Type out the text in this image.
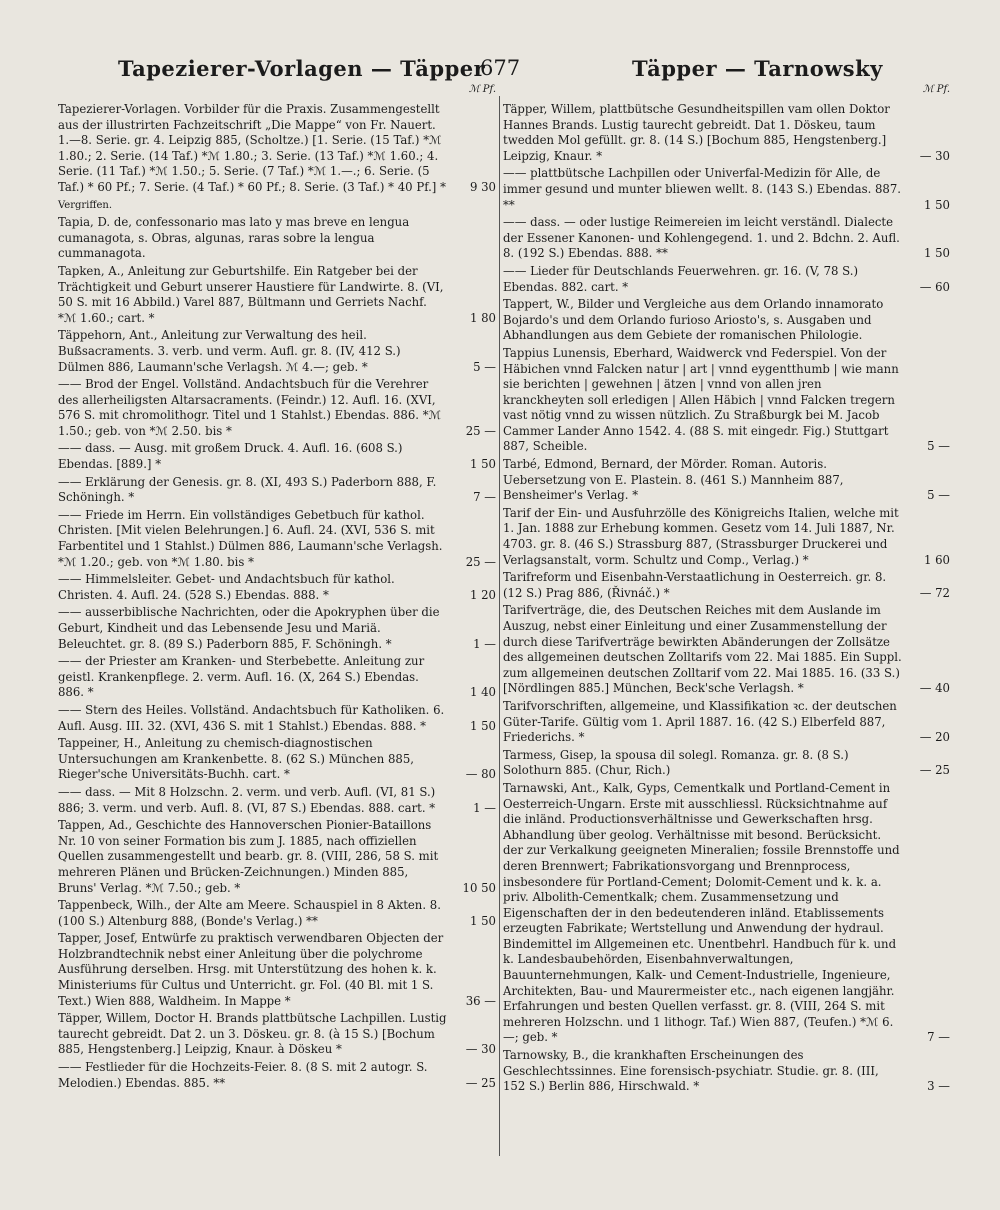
Tapezierer-Vorlagen — Täpper
677	Täpper — Tarnowsky
ℳ Pf.
Tapezierer-Vorlagen. Vorbilder für die Praxis. Zusammengestellt aus der illustrirten Fachzeitschrift „Die Mappe“ von Fr. Nauert. 1.—8. Serie. gr. 4. Leipzig 885, (Scholtze.) [1. Serie. (15 Taf.) *ℳ 1.80.; 2. Serie. (14 Taf.) *ℳ 1.80.; 3. Serie. (13 Taf.) *ℳ 1.60.; 4. Serie. (11 Taf.) *ℳ 1.50.; 5. Serie. (7 Taf.) *ℳ 1.—.; 6. Serie. (5 Taf.) * 60 Pf.; 7. Serie. (4 Taf.) * 60 Pf.; 8. Serie. (3 Taf.) * 40 Pf.] *	9 30
Vergriffen.
Tapia, D. de, confessonario mas lato y mas breve en lengua cumanagota, s. Obras, algunas, raras sobre la lengua cummanagota.
Tapken, A., Anleitung zur Geburtshilfe. Ein Ratgeber bei der Trächtigkeit und Geburt unserer Haustiere für Landwirte. 8. (VI, 50 S. mit 16 Abbild.) Varel 887, Bültmann und Gerriets Nachf. *ℳ 1.60.; cart. *	1 80
Täppehorn, Ant., Anleitung zur Verwaltung des heil. Bußsacraments. 3. verb. und verm. Aufl. gr. 8. (IV, 412 S.) Dülmen 886, Laumann'sche Verlagsh. ℳ 4.—; geb. *	5 —
—— Brod der Engel. Vollständ. Andachtsbuch für die Verehrer des allerheiligsten Altarsacraments. (Feindr.) 12. Aufl. 16. (XVI, 576 S. mit chromolithogr. Titel und 1 Stahlst.) Ebendas. 886. *ℳ 1.50.; geb. von *ℳ 2.50. bis *	25 —
—— dass. — Ausg. mit großem Druck. 4. Aufl. 16. (608 S.) Ebendas. [889.] *	1 50
—— Erklärung der Genesis. gr. 8. (XI, 493 S.) Paderborn 888, F. Schöningh. *	7 —
—— Friede im Herrn. Ein vollständiges Gebetbuch für kathol. Christen. [Mit vielen Belehrungen.] 6. Aufl. 24. (XVI, 536 S. mit Farbentitel und 1 Stahlst.) Dülmen 886, Laumann'sche Verlagsh. *ℳ 1.20.; geb. von *ℳ 1.80. bis *	25 —
—— Himmelsleiter. Gebet- und Andachtsbuch für kathol. Christen. 4. Aufl. 24. (528 S.) Ebendas. 888. *	1 20
—— ausserbiblische Nachrichten, oder die Apokryphen über die Geburt, Kindheit und das Lebensende Jesu und Mariä. Beleuchtet. gr. 8. (89 S.) Paderborn 885, F. Schöningh. *	1 —
—— der Priester am Kranken- und Sterbebette. Anleitung zur geistl. Krankenpflege. 2. verm. Aufl. 16. (X, 264 S.) Ebendas. 886. *	1 40
—— Stern des Heiles. Vollständ. Andachtsbuch für Katholiken. 6. Aufl. Ausg. III. 32. (XVI, 436 S. mit 1 Stahlst.) Ebendas. 888. *	1 50
Tappeiner, H., Anleitung zu chemisch-diagnostischen Untersuchungen am Krankenbette. 8. (62 S.) München 885, Rieger'sche Universitäts-Buchh. cart. *	— 80
—— dass. — Mit 8 Holzschn. 2. verm. und verb. Aufl. (VI, 81 S.) 886; 3. verm. und verb. Aufl. 8. (VI, 87 S.) Ebendas. 888. cart. *	1 —
Tappen, Ad., Geschichte des Hannoverschen Pionier-Bataillons Nr. 10 von seiner Formation bis zum J. 1885, nach offiziellen Quellen zusammengestellt und bearb. gr. 8. (VIII, 286, 58 S. mit mehreren Plänen und Brücken-Zeichnungen.) Minden 885, Bruns' Verlag. *ℳ 7.50.; geb. *	10 50
Tappenbeck, Wilh., der Alte am Meere. Schauspiel in 8 Akten. 8. (100 S.) Altenburg 888, (Bonde's Verlag.) **	1 50
Tapper, Josef, Entwürfe zu praktisch verwendbaren Objecten der Holzbrandtechnik nebst einer Anleitung über die polychrome Ausführung derselben. Hrsg. mit Unterstützung des hohen k. k. Ministeriums für Cultus und Unterricht. gr. Fol. (40 Bl. mit 1 S. Text.) Wien 888, Waldheim. In Mappe *	36 —
Täpper, Willem, Doctor H. Brands plattbütsche Lachpillen. Lustig taurecht gebreidt. Dat 2. un 3. Döskeu. gr. 8. (à 15 S.) [Bochum 885, Hengstenberg.] Leipzig, Knaur. à Döskeu *	— 30
—— Festlieder für die Hochzeits-Feier. 8. (8 S. mit 2 autogr. S. Melodien.) Ebendas. 885. **	— 25
ℳ Pf.
Täpper, Willem, plattbütsche Gesundheitspillen vam ollen Doktor Hannes Brands. Lustig taurecht gebreidt. Dat 1. Döskeu, taum twedden Mol gefüllt. gr. 8. (14 S.) [Bochum 885, Hengstenberg.] Leipzig, Knaur. *	— 30
—— plattbütsche Lachpillen oder Univerfal-Medizin för Alle, de immer gesund und munter bliewen wellt. 8. (143 S.) Ebendas. 887. **	1 50
—— dass. — oder lustige Reimereien im leicht verständl. Dialecte der Essener Kanonen- und Kohlengegend. 1. und 2. Bdchn. 2. Aufl. 8. (192 S.) Ebendas. 888. **	1 50
—— Lieder für Deutschlands Feuerwehren. gr. 16. (V, 78 S.) Ebendas. 882. cart. *	— 60
Tappert, W., Bilder und Vergleiche aus dem Orlando innamorato Bojardo's und dem Orlando furioso Ariosto's, s. Ausgaben und Abhandlungen aus dem Gebiete der romanischen Philologie.
Tappius Lunensis, Eberhard, Waidwerck vnd Federspiel. Von der Häbichen vnnd Falcken natur | art | vnnd eygentthumb | wie mann sie berichten | gewehnen | ätzen | vnnd von allen jren kranckheyten soll erledigen | Allen Häbich | vnnd Falcken tregern vast nötig vnnd zu wissen nützlich. Zu Straßburgk bei M. Jacob Cammer Lander Anno 1542. 4. (88 S. mit eingedr. Fig.) Stuttgart 887, Scheible.	5 —
Tarbé, Edmond, Bernard, der Mörder. Roman. Autoris. Uebersetzung von E. Plastein. 8. (461 S.) Mannheim 887, Bensheimer's Verlag. *	5 —
Tarif der Ein- und Ausfuhrzölle des Königreichs Italien, welche mit 1. Jan. 1888 zur Erhebung kommen. Gesetz vom 14. Juli 1887, Nr. 4703. gr. 8. (46 S.) Strassburg 887, (Strassburger Druckerei und Verlagsanstalt, vorm. Schultz und Comp., Verlag.) *	1 60
Tarifreform und Eisenbahn-Verstaatlichung in Oesterreich. gr. 8. (12 S.) Prag 886, (Řivnáč.) *	— 72
Tarifverträge, die, des Deutschen Reiches mit dem Auslande im Auszug, nebst einer Einleitung und einer Zusammenstellung der durch diese Tarifverträge bewirkten Abänderungen der Zollsätze des allgemeinen deutschen Zolltarifs vom 22. Mai 1885. Ein Suppl. zum allgemeinen deutschen Zolltarif vom 22. Mai 1885. 16. (33 S.) [Nördlingen 885.] München, Beck'sche Verlagsh. *	— 40
Tarifvorschriften, allgemeine, und Klassifikation ꝛc. der deutschen Güter-Tarife. Gültig vom 1. April 1887. 16. (42 S.) Elberfeld 887, Friederichs. *	— 20
Tarmess, Gisep, la spousa dil solegl. Romanza. gr. 8. (8 S.) Solothurn 885. (Chur, Rich.)	— 25
Tarnawski, Ant., Kalk, Gyps, Cementkalk und Portland-Cement in Oesterreich-Ungarn. Erste mit ausschliessl. Rücksichtnahme auf die inländ. Productionsverhältnisse und Gewerkschaften hrsg. Abhandlung über geolog. Verhältnisse mit besond. Berücksicht. der zur Verkalkung geeigneten Mineralien; fossile Brennstoffe und deren Brennwert; Fabrikationsvorgang und Brennprocess, insbesondere für Portland-Cement; Dolomit-Cement und k. k. a. priv. Albolith-Cementkalk; chem. Zusammensetzung und Eigenschaften der in den bedeutenderen inländ. Etablissements erzeugten Fabrikate; Wertstellung und Anwendung der hydraul. Bindemittel im Allgemeinen etc. Unentbehrl. Handbuch für k. und k. Landesbaubehörden, Eisenbahnverwaltungen, Bauunternehmungen, Kalk- und Cement-Industrielle, Ingenieure, Architekten, Bau- und Maurermeister etc., nach eigenen langjähr. Erfahrungen und besten Quellen verfasst. gr. 8. (VIII, 264 S. mit mehreren Holzschn. und 1 lithogr. Taf.) Wien 887, (Teufen.) *ℳ 6.—; geb. *	7 —
Tarnowsky, B., die krankhaften Erscheinungen des Geschlechtssinnes. Eine forensisch-psychiatr. Studie. gr. 8. (III, 152 S.) Berlin 886, Hirschwald. *	3 —
